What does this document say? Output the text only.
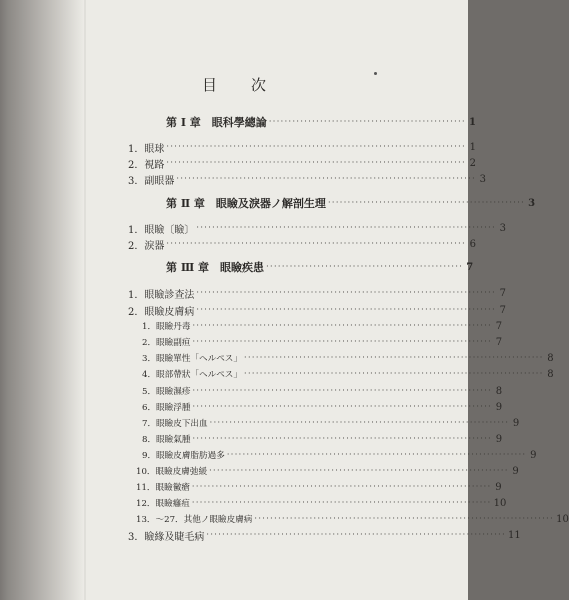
目 次
第 Ⅰ 章　眼科學總論 ·················································· 1
1．眼球 ············································································ 1
2．視路 ············································································ 2
3．副眼器 ············································································ 3
第 Ⅱ 章　眼瞼及淚器ノ解剖生理 ·················································· 3
1．眼瞼〔瞼〕 ············································································ 3
2．淚器 ············································································ 6
第 Ⅲ 章　眼瞼疾患 ·················································· 7
1．眼瞼診查法 ············································································ 7
2．眼瞼皮膚病 ············································································ 7
1．眼瞼丹毒 ············································································ 7
2．眼瞼副疸 ············································································ 7
3．眼瞼單性「ヘルペス」 ············································································ 8
4．眼部帶狀「ヘルペス」 ············································································ 8
5．眼瞼濕疹 ············································································ 8
6．眼瞼浮腫 ············································································ 9
7．眼瞼皮下出血 ············································································ 9
8．眼瞼氣腫 ············································································ 9
9．眼瞼皮膚脂肪過多 ············································································ 9
10．眼瞼皮膚弛緩 ············································································ 9
11．眼瞼黴瘡 ············································································ 9
12．眼瞼癰疽 ············································································ 10
13．～27．其他ノ眼瞼皮膚病 ············································································ 10
3．瞼緣及睫毛病 ············································································ 11
